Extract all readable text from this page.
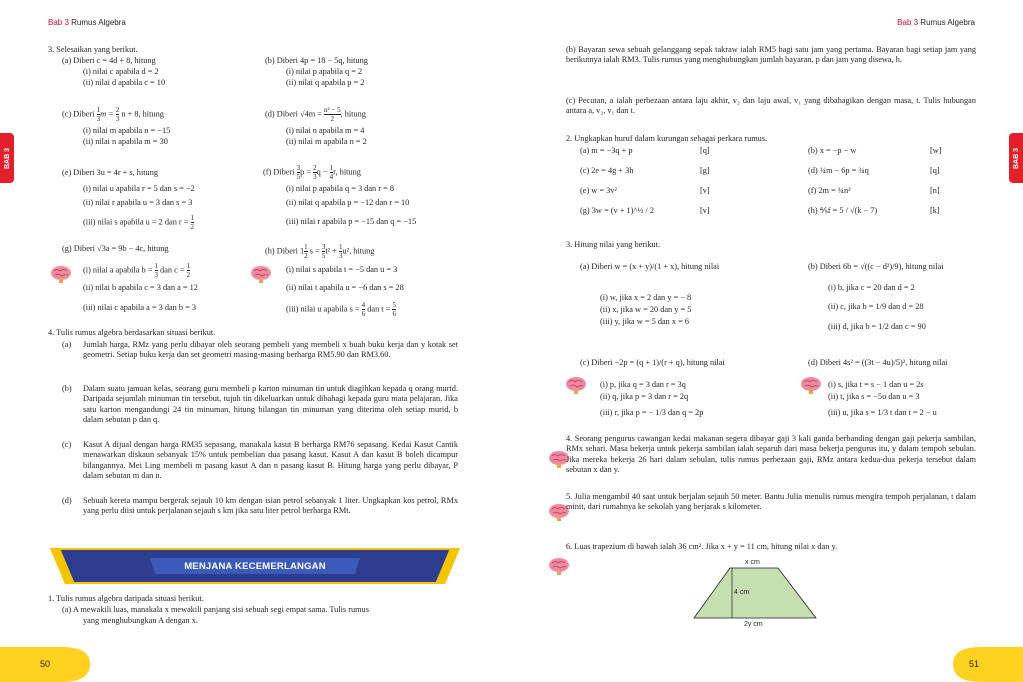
Bab 3 Rumus Algebra	Bab 3 Rumus Algebra
BAB 3	BAB 3
50	51
3. Selesaikan yang berikut.
(a) Diberi c = 4d + 8, hitung
(i) nilai c apabila d = 2
(ii) nilai d apabila c = 10
(b) Diberi 4p = 18 − 5q, hitung
(i) nilai p apabila q = 2
(ii) nilai q apabila p = 2
(c) Diberi $\frac{1}{3}$ $m = \frac{2}{3}$ n + 8, hitung
(i) nilai m apabila n = −15
(ii) nilai n apabila m = 30
(d) Diberi $√4m = \frac{\text{n² − 5}}{2}$ , hitung
(i) nilai n apabila m = 4
(ii) nilai m apabila n = 2
(e) Diberi 3u = 4r + s, hitung
(i) nilai u apabila r = 5 dan s = −2
(ii) nilai r apabila u = 3 dan s = 3
(iii) nilai s apabila u = 2 dan $r = \frac{1}{2}$
(f) Diberi $\frac{3}{5}$ $p = \frac{2}{3}$ $q - \frac{1}{4} r$, hitung
(i) nilai p apabila q = 3 dan r = 8
(ii) nilai q apabila p = −12 dan r = 10
(iii) nilai r apabila p = −15 dan q = −15
(g) Diberi √3a = 9b − 4c, hitung
(i) nilai a apabila $b = \frac{1}{3}$ dan $c = \frac{1}{2}$
(ii) nilai b apabila c = 3 dan a = 12
(iii) nilai c apabila a = 3 dan b = 3
(h) Diberi $1 \frac{1}{2}$ $s = \frac{3}{5} t^2 + \frac{1}{3} u^2$, hitung
(i) nilai s apabila t = −5 dan u = 3
(ii) nilai t apabila u = −6 dan s = 28
(iii) nilai u apabila $s = \frac{4}{6}$ dan $t = \frac{5}{6}$
4. Tulis rumus algebra berdasarkan situasi berikut.
(a) Jumlah harga, RMz yang perlu dibayar oleh seorang pembeli yang membeli x buah buku kerja dan y kotak set geometri. Setiap buku kerja dan set geometri masing-masing berharga RM5.90 dan RM3.60.
(b) Dalam suatu jamuan kelas, seorang guru membeli p karton minuman tin untuk diagihkan kepada q orang murid. Daripada sejumlah minuman tin tersebut, tujuh tin dikeluarkan untuk dibahagi kepada guru mata pelajaran. Jika satu karton mengandungi 24 tin minuman, hitung bilangan tin minuman yang diterima oleh setiap murid, b dalam sebutan p dan q.
(c) Kasut A dijual dengan harga RM35 sepasang, manakala kasut B berharga RM76 sepasang. Kedai Kasut Cantik menawarkan diskaun sebanyak 15% untuk pembelian dua pasang kasut. Kasut A dan kasut B boleh dicampur bilangannya. Mei Ling membeli m pasang kasut A dan n pasang kasut B. Hitung harga yang perlu dibayar, P dalam sebutan m dan n.
(d) Sebuah kereta mampu bergerak sejauh 10 km dengan isian petrol sebanyak 1 liter. Ungkapkan kos petrol, RMx yang perlu diisi untuk perjalanan sejauh s km jika satu liter petrol berharga RMt.
MENJANA KECEMERLANGAN
1. Tulis rumus algebra daripada situasi berikut.
(a) A mewakili luas, manakala x mewakili panjang sisi sebuah segi empat sama. Tulis rumus
yang menghubungkan A dengan x.
(b) Bayaran sewa sebuah gelanggang sepak takraw ialah RM5 bagi satu jam yang pertama. Bayaran bagi setiap jam yang berikutnya ialah RM3. Tulis rumus yang menghubungkan jumlah bayaran, p dan jam yang disewa, h.
(c) Pecutan, a ialah perbezaan antara laju akhir, v₂ dan laju awal, v₁ yang dibahagikan dengan masa, t. Tulis hubungan antara a, v₂, v₁ dan t.
2. Ungkapkan huruf dalam kurungan sebagai perkara rumus.
(a) m = −3q + p	[q]	(b) x = −p − w	[w]
(c) 2e = 4g + 3h	[g]	(d) ¾m − 6p = ¾q	[q]
(e) w = 3v²	[v]	(f) 2m = ¾n²	[n]
(g) 3w = (v + 1)^½ / 2	[v]	(h) ⅘f = 5 / √(k − 7)	[k]
3. Hitung nilai yang berikut.
(a) Diberi w = (x + y)/(1 + x), hitung nilai
(i) w, jika x = 2 dan y = − 8
(ii) x, jika w = 20 dan y = 5
(iii) y, jika w = 5 dan x = 6
(b) Diberi 6b = √((c − d²)/9), hitung nilai
(i) b, jika c = 20 dan d = 2
(ii) c, jika b = 1/9 dan d = 28
(iii) d, jika b = 1/2 dan c = 90
(c) Diberi −2p = (q + 1)/(r + q), hitung nilai
(i) p, jika q = 3 dan r = 3q
(ii) q, jika p = 3 dan r = 2q
(iii) r, jika p = − 1/3 dan q = 2p
(d) Diberi 4s² = ((3t − 4u)/5)², hitung nilai
(i) s, jika t = s − 1 dan u = 2s
(ii) t, jika s = −5u dan u = 3
(iii) u, jika s = 1/3 t dan t = 2 − u
4. Seorang pengurus cawangan kedai makanan segera dibayar gaji 3 kali ganda berbanding dengan gaji pekerja sambilan, RMx sehari. Masa bekerja untuk pekerja sambilan ialah separuh dari masa bekerja pengurus itu, y dalam tempoh sebulan. Jika mereka bekerja 26 hari dalam sebulan, tulis rumus perbezaan gaji, RMz antara kedua-dua pekerja tersebut dalam sebutan x dan y.
5. Julia mengambil 40 saat untuk berjalan sejauh 50 meter. Bantu Julia menulis rumus mengira tempoh perjalanan, t dalam minit, dari rumahnya ke sekolah yang berjarak s kilometer.
6. Luas trapezium di bawah ialah 36 cm². Jika x + y = 11 cm, hitung nilai x dan y.
x cm
4 cm
2y cm
